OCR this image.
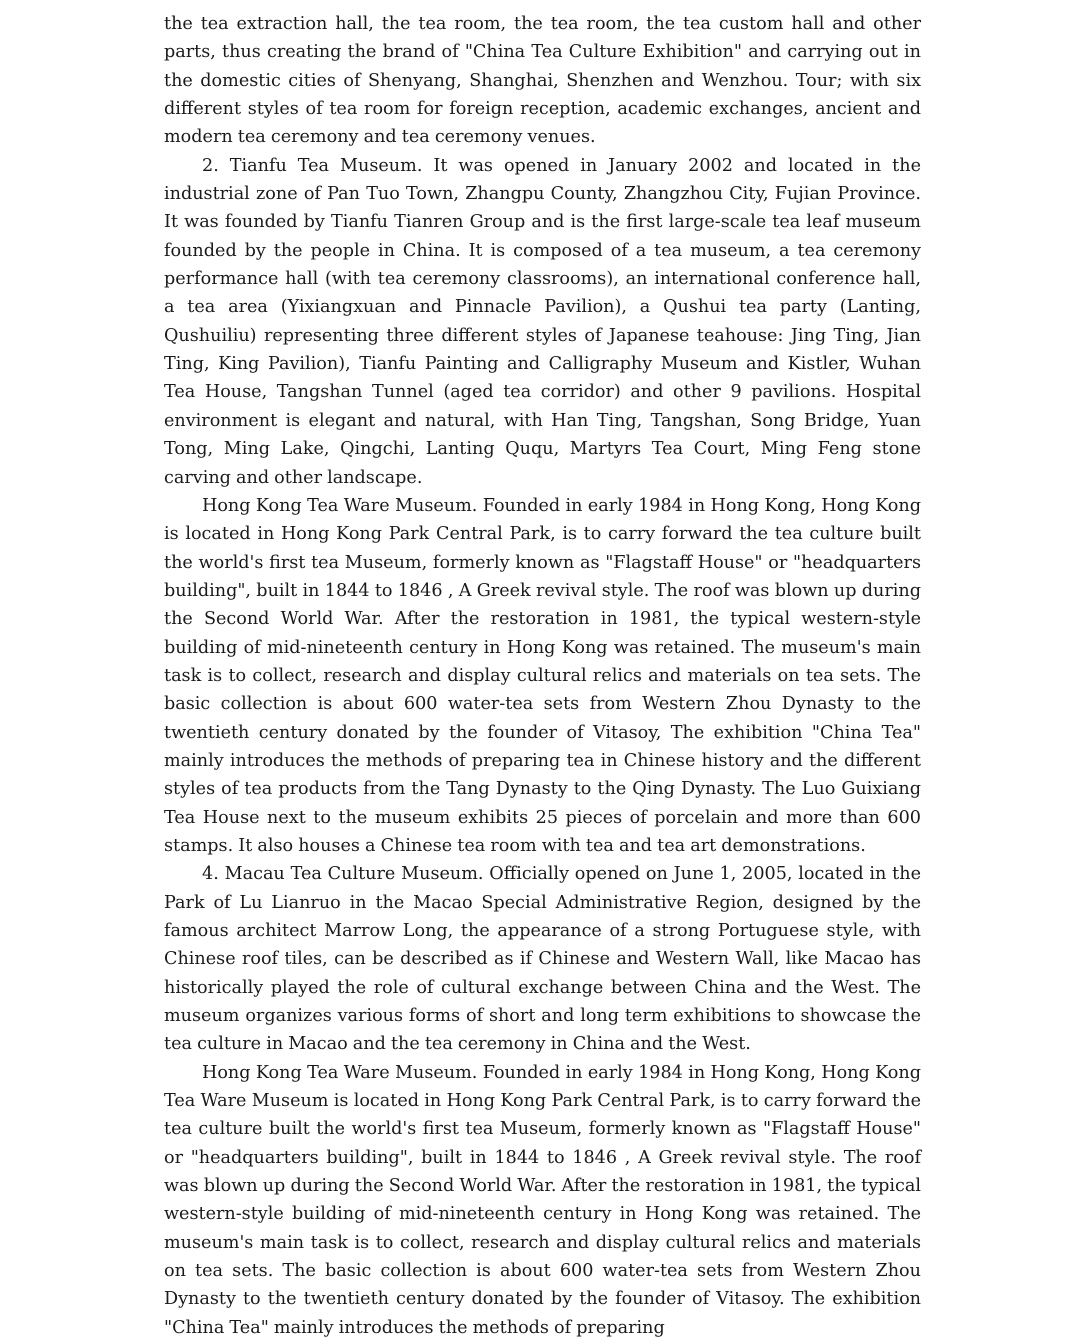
the tea extraction hall, the tea room, the tea room, the tea custom hall and other parts, thus creating the brand of "China Tea Culture Exhibition" and carrying out in the domestic cities of Shenyang, Shanghai, Shenzhen and Wenzhou. Tour; with six different styles of tea room for foreign reception, academic exchanges, ancient and modern tea ceremony and tea ceremony venues.

2. Tianfu Tea Museum. It was opened in January 2002 and located in the industrial zone of Pan Tuo Town, Zhangpu County, Zhangzhou City, Fujian Province. It was founded by Tianfu Tianren Group and is the first large-scale tea leaf museum founded by the people in China. It is composed of a tea museum, a tea ceremony performance hall (with tea ceremony classrooms), an international conference hall, a tea area (Yixiangxuan and Pinnacle Pavilion), a Qushui tea party (Lanting, Qushuiliu) representing three different styles of Japanese teahouse: Jing Ting, Jian Ting, King Pavilion), Tianfu Painting and Calligraphy Museum and Kistler, Wuhan Tea House, Tangshan Tunnel (aged tea corridor) and other 9 pavilions. Hospital environment is elegant and natural, with Han Ting, Tangshan, Song Bridge, Yuan Tong, Ming Lake, Qingchi, Lanting Ququ, Martyrs Tea Court, Ming Feng stone carving and other landscape.

Hong Kong Tea Ware Museum. Founded in early 1984 in Hong Kong, Hong Kong is located in Hong Kong Park Central Park, is to carry forward the tea culture built the world's first tea Museum, formerly known as "Flagstaff House" or "headquarters building", built in 1844 to 1846 , A Greek revival style. The roof was blown up during the Second World War. After the restoration in 1981, the typical western-style building of mid-nineteenth century in Hong Kong was retained. The museum's main task is to collect, research and display cultural relics and materials on tea sets. The basic collection is about 600 water-tea sets from Western Zhou Dynasty to the twentieth century donated by the founder of Vitasoy, The exhibition "China Tea" mainly introduces the methods of preparing tea in Chinese history and the different styles of tea products from the Tang Dynasty to the Qing Dynasty. The Luo Guixiang Tea House next to the museum exhibits 25 pieces of porcelain and more than 600 stamps. It also houses a Chinese tea room with tea and tea art demonstrations.

4. Macau Tea Culture Museum. Officially opened on June 1, 2005, located in the Park of Lu Lianruo in the Macao Special Administrative Region, designed by the famous architect Marrow Long, the appearance of a strong Portuguese style, with Chinese roof tiles, can be described as if Chinese and Western Wall, like Macao has historically played the role of cultural exchange between China and the West. The museum organizes various forms of short and long term exhibitions to showcase the tea culture in Macao and the tea ceremony in China and the West.

Hong Kong Tea Ware Museum. Founded in early 1984 in Hong Kong, Hong Kong Tea Ware Museum is located in Hong Kong Park Central Park, is to carry forward the tea culture built the world's first tea Museum, formerly known as "Flagstaff House" or "headquarters building", built in 1844 to 1846 , A Greek revival style. The roof was blown up during the Second World War. After the restoration in 1981, the typical western-style building of mid-nineteenth century in Hong Kong was retained. The museum's main task is to collect, research and display cultural relics and materials on tea sets. The basic collection is about 600 water-tea sets from Western Zhou Dynasty to the twentieth century donated by the founder of Vitasoy. The exhibition "China Tea" mainly introduces the methods of preparing
